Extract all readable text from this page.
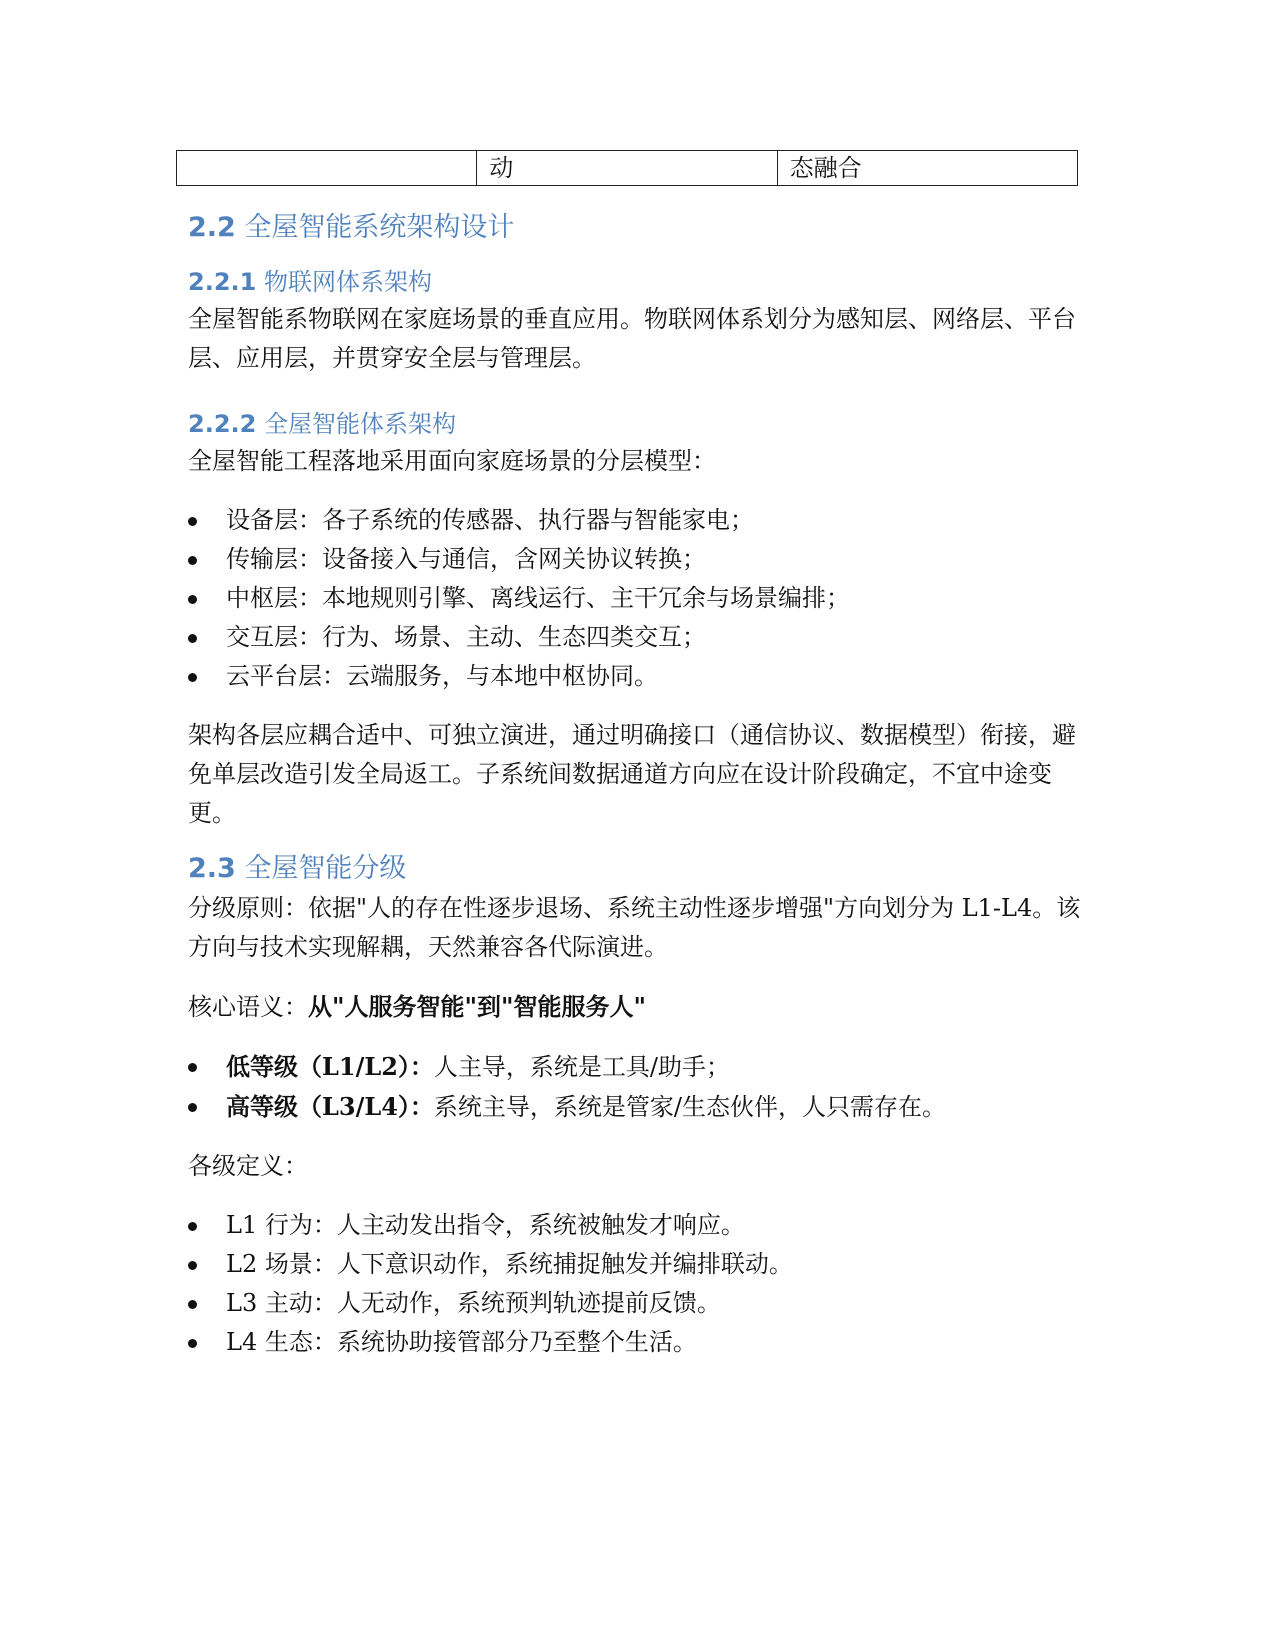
	动	态融合
2.2 全屋智能系统架构设计
2.2.1 物联网体系架构

全屋智能系物联网在家庭场景的垂直应用。物联网体系划分为感知层、网络层、平台层、应用层，并贯穿安全层与管理层。

2.2.2 全屋智能体系架构

全屋智能工程落地采用面向家庭场景的分层模型：

设备层：各子系统的传感器、执行器与智能家电；
传输层：设备接入与通信，含网关协议转换；
中枢层：本地规则引擎、离线运行、主干冗余与场景编排；
交互层：行为、场景、主动、生态四类交互；
云平台层：云端服务，与本地中枢协同。

架构各层应耦合适中、可独立演进，通过明确接口（通信协议、数据模型）衔接，避免单层改造引发全局返工。子系统间数据通道方向应在设计阶段确定，不宜中途变更。

2.3 全屋智能分级

分级原则：依据"人的存在性逐步退场、系统主动性逐步增强"方向划分为 L1-L4。该方向与技术实现解耦，天然兼容各代际演进。

核心语义：从"人服务智能"到"智能服务人"

低等级（L1/L2）：人主导，系统是工具/助手；
高等级（L3/L4）：系统主导，系统是管家/生态伙伴，人只需存在。

各级定义：

L1 行为：人主动发出指令，系统被触发才响应。
L2 场景：人下意识动作，系统捕捉触发并编排联动。
L3 主动：人无动作，系统预判轨迹提前反馈。
L4 生态：系统协助接管部分乃至整个生活。
